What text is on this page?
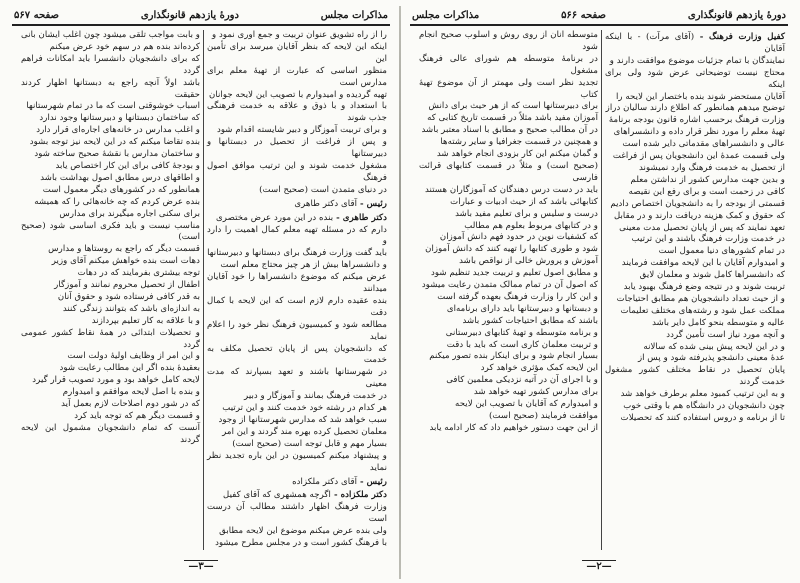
مذاکرات مجلس
دورهٔ یازدهم قانونگذاری
صفحه ۵۶۷

را از راه تشویق عنوان تربیت و جمع آوری نمود و

اینکه این لایحه که بنظر آقایان میرسد برای تأمین این

منظور اساسی که عبارت از تهیهٔ معلم برای مدارس است

تهیه گردیده و امیدوارم با تصویب این لایحه جوانان

با استعداد و با ذوق و علاقه به خدمت فرهنگی جذب شوند

و برای تربیت آموزگار و دبیر شایسته اقدام شود

و پس از فراغت از تحصیل در دبستانها و دبیرستانها

مشغول خدمت شوند و این ترتیب موافق اصول فرهنگ

در دنیای متمدن است (صحیح است)

رئیس - آقای دکتر طاهری

دکتر طاهری - بنده در این مورد عرض مختصری

دارم که در مسئله تهیه معلم کمال اهمیت را دارد و

باید گفت وزارت فرهنگ برای دبستانها و دبیرستانها

و دانشسراها بیش از هر چیز محتاج معلم است

عرض میکنم که موضوع دانشسراها را خود آقایان میدانند

بنده عقیده دارم لازم است که این لایحه با کمال دقت

مطالعه شود و کمیسیون فرهنگ نظر خود را اعلام نماید

که دانشجویان پس از پایان تحصیل مکلف به خدمت

در شهرستانها باشند و تعهد بسپارند که مدت معینی

در خدمت فرهنگ بمانند و آموزگار و دبیر

هر کدام در رشته خود خدمت کنند و این ترتیب

سبب خواهد شد که مدارس شهرستانها از وجود

معلمان تحصیل کرده بهره مند گردند و این امر

بسیار مهم و قابل توجه است (صحیح است)

و پیشنهاد میکنم کمیسیون در این باره تجدید نظر نماید

رئیس - آقای دکتر ملکزاده

دکتر ملکزاده - اگرچه همشهری که آقای کفیل

وزارت فرهنگ اظهار داشتند مطالب آن درست است

ولی بنده عرض میکنم موضوع این لایحه مطابق

با فرهنگ کشور است و در مجلس مطرح میشود

و بابت مواجب تلقی میشود چون اغلب ایشان بانی

کرده‌اند بنده هم در سهم خود عرض میکنم

که برای دانشجویان دانشسرا باید امکانات فراهم گردد

باشد اولاً آنچه راجع به دبستانها اظهار کردند حقیقت

اسباب خوشوقتی است که ما در تمام شهرستانها

که ساختمان دبستانها و دبیرستانها وجود ندارد

و اغلب مدارس در خانه‌های اجاره‌ای قرار دارد

بنده تقاضا میکنم که در این لایحه نیز توجه بشود

و ساختمان مدارس با نقشهٔ صحیح ساخته شود

و بودجهٔ کافی برای این کار اختصاص یابد

و اطاقهای درس مطابق اصول بهداشت باشد

همانطور که در کشورهای دیگر معمول است

بنده عرض کردم که چه خانه‌هائی را که همیشه

برای سکنی اجاره میگیرند برای مدارس

مناسب نیست و باید فکری اساسی شود (صحیح است)

قسمت دیگر که راجع به روستاها و مدارس

دهات است بنده خواهش میکنم آقای وزیر

توجه بیشتری بفرمایند که در دهات

اطفال از تحصیل محروم نمانند و آموزگار

به قدر کافی فرستاده شود و حقوق آنان

به اندازه‌ای باشد که بتوانند زندگی کنند

و با علاقه به کار تعلیم بپردازند

و تحصیلات ابتدائی در همهٔ نقاط کشور عمومی گردد

و این امر از وظایف اولیهٔ دولت است

بعقیدهٔ بنده اگر این مطالب رعایت شود

لایحه کامل خواهد بود و مورد تصویب قرار گیرد

و بنده با اصل لایحه موافقم و امیدوارم

که در شور دوم اصلاحات لازم بعمل آید

و قسمت دیگر هم که توجه باید کرد

آنست که تمام دانشجویان مشمول این لایحه گردند

—۳—
دورهٔ یازدهم قانونگذاری
صفحه ۵۶۶
مذاکرات مجلس

کفیل وزارت فرهنگ - (آقای مرآت) - با اینکه آقایان

نمایندگان با تمام جزئیات موضوع موافقت دارند و

محتاج نیست توضیحاتی عرض شود ولی برای اینکه

آقایان مستحضر شوند بنده باختصار این لایحه را

توضیح میدهم همانطور که اطلاع دارند سالیان دراز

وزارت فرهنگ برحسب اشاره قانون بودجه برنامهٔ

تهیهٔ معلم را مورد نظر قرار داده و دانشسراهای

عالی و دانشسراهای مقدماتی دایر شده است

ولی قسمت عمدهٔ این دانشجویان پس از فراغت

از تحصیل به خدمت فرهنگ وارد نمیشوند

و بدین جهت مدارس کشور از نداشتن معلم

کافی در زحمت است و برای رفع این نقیصه

قسمتی از بودجه را به دانشجویان اختصاص دادیم

که حقوق و کمک هزینه دریافت دارند و در مقابل

تعهد نمایند که پس از پایان تحصیل مدت معینی

در خدمت وزارت فرهنگ باشند و این ترتیب

در تمام کشورهای دنیا معمول است

و امیدوارم آقایان با این لایحه موافقت فرمایند

که دانشسراها کامل شوند و معلمان لایق

تربیت شوند و در نتیجه وضع فرهنگ بهبود یابد

و از حیث تعداد دانشجویان هم مطابق احتیاجات

مملکت عمل شود و رشته‌های مختلف تعلیمات

عالیه و متوسطه بنحو کامل دایر باشد

و آنچه مورد نیاز است تأمین گردد

و در این لایحه پیش بینی شده که سالانه

عدهٔ معینی دانشجو پذیرفته شود و پس از

پایان تحصیل در نقاط مختلف کشور مشغول خدمت گردند

و به این ترتیب کمبود معلم برطرف خواهد شد

چون دانشجویان در دانشگاه هم با وقتی خوب

تا از برنامه و دروس استفاده کنند که تحصیلات

متوسطه آنان از روی روش و اسلوب صحیح انجام شود

در برنامهٔ متوسطه هم شورای عالی فرهنگ مشغول

تجدید نظر است ولی مهمتر از آن موضوع تهیهٔ کتاب

برای دبیرستانها است که از هر حیث برای دانش

آموزان مفید باشد مثلاً در قسمت تاریخ کتابی که

در آن مطالب صحیح و مطابق با اسناد معتبر باشد

و همچنین در قسمت جغرافیا و سایر رشته‌ها

و گمان میکنم این کار بزودی انجام خواهد شد

(صحیح است) و مثلاً در قسمت کتابهای قرائت فارسی

باید در دست درس دهندگان که آموزگاران هستند

کتابهائی باشد که از حیث ادبیات و عبارات

درست و سلیس و برای تعلیم مفید باشد

و در کتابهای مربوط بعلوم هم مطالب

که کشفیات نوین در حدود فهم دانش آموزان

شود و طوری کتابها را تهیه کنند که دانش آموزان

آموزش و پرورش خالی از نواقص باشد

و مطابق اصول تعلیم و تربیت جدید تنظیم شود

که اصول آن در تمام ممالک متمدن رعایت میشود

و این کار را وزارت فرهنگ بعهده گرفته است

و دبستانها و دبیرستانها باید دارای برنامه‌ای

باشند که مطابق احتیاجات کشور باشد

و برنامه متوسطه و تهیهٔ کتابهای دبیرستانی

و تربیت معلمان کاری است که باید با دقت

بسیار انجام شود و برای اینکار بنده تصور میکنم

این لایحه کمک مؤثری خواهد کرد

و با اجرای آن در آتیه نزدیکی معلمین کافی

برای مدارس کشور تهیه خواهد شد

و امیدوارم که آقایان با تصویب این لایحه

موافقت فرمایند (صحیح است)

از این جهت دستور خواهیم داد که کار ادامه یابد

—۲—
